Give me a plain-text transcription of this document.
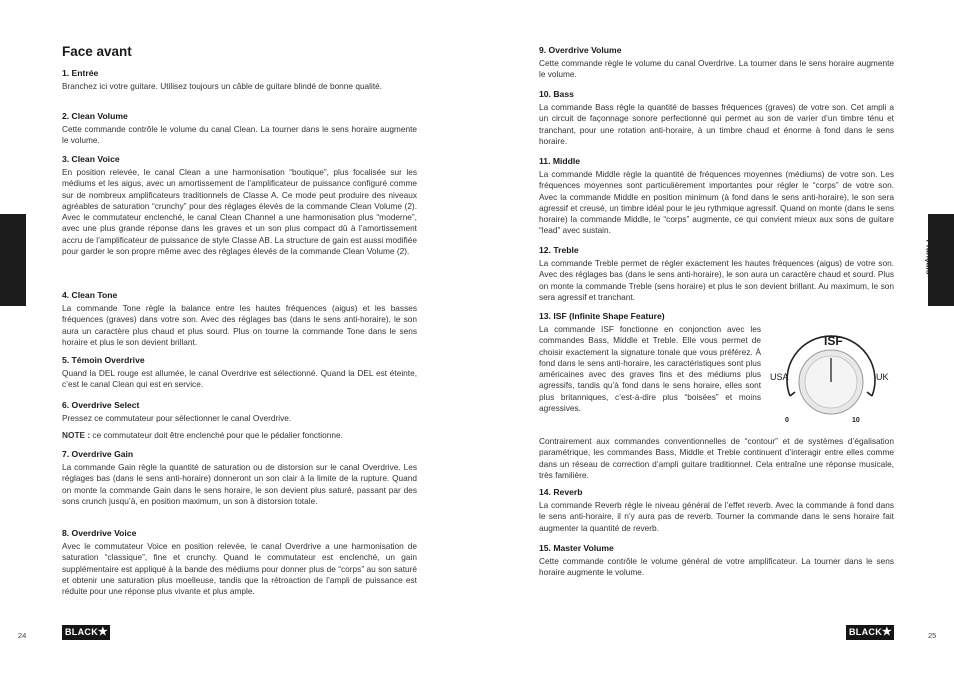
Français	Français
Face avant
1. Entrée

Branchez ici votre guitare. Utilisez toujours un câble de guitare blindé de bonne qualité.

2. Clean Volume

Cette commande contrôle le volume du canal Clean. La tourner dans le sens horaire augmente le volume.

3. Clean Voice

En position relevée, le canal Clean a une harmonisation “boutique”, plus focalisée sur les médiums et les aigus, avec un amortissement de l’amplificateur de puissance configuré comme sur de nombreux amplificateurs traditionnels de Classe A. Ce mode peut produire des niveaux agréables de saturation “crunchy” pour des réglages élevés de la commande Clean Volume (2). Avec le commutateur enclenché, le canal Clean Channel a une harmonisation plus “moderne”, avec une plus grande réponse dans les graves et un son plus compact dû à l’amortissement accru de l’amplificateur de puissance de style Classe AB. La structure de gain est aussi modifiée pour garder le son propre même avec des réglages élevés de la commande Clean Volume (2).

4. Clean Tone

La commande Tone règle la balance entre les hautes fréquences (aigus) et les basses fréquences (graves) dans votre son. Avec des réglages bas (dans le sens anti-horaire), le son aura un caractère plus chaud et plus sourd. Plus on tourne la commande Tone dans le sens horaire et plus le son devient brillant.

5. Témoin Overdrive

Quand la DEL rouge est allumée, le canal Overdrive est sélectionné. Quand la DEL est éteinte, c’est le canal Clean qui est en service.

6. Overdrive Select

Pressez ce commutateur pour sélectionner le canal Overdrive.

NOTE : ce commutateur doit être enclenché pour que le pédalier fonctionne.

7. Overdrive Gain

La commande Gain règle la quantité de saturation ou de distorsion sur le canal Overdrive. Les réglages bas (dans le sens anti-horaire) donneront un son clair à la limite de la rupture. Quand on monte la commande Gain dans le sens horaire, le son devient plus saturé, passant par des sons crunch jusqu’à, en position maximum, un son à distorsion totale.

8. Overdrive Voice

Avec le commutateur Voice en position relevée, le canal Overdrive a une harmonisation de saturation “classique”, fine et crunchy. Quand le commutateur est enclenché, un gain supplémentaire est appliqué à la bande des médiums pour donner plus de “corps” au son saturé et obtenir une saturation plus moelleuse, tandis que la rétroaction de l’ampli de puissance est réduite pour une réponse plus vivante et plus ample.

24	BLACK ★
9. Overdrive Volume

Cette commande règle le volume du canal Overdrive. La tourner dans le sens horaire augmente le volume.

10. Bass

La commande Bass règle la quantité de basses fréquences (graves) de votre son. Cet ampli a un circuit de façonnage sonore perfectionné qui permet au son de varier d’un timbre ténu et tranchant, pour une rotation anti-horaire, à un timbre chaud et énorme à fond dans le sens horaire.

11. Middle

La commande Middle règle la quantité de fréquences moyennes (médiums) de votre son. Les fréquences moyennes sont particulièrement importantes pour régler le “corps” de votre son. Avec la commande Middle en position minimum (à fond dans le sens anti-horaire), le son sera agressif et creusé, un timbre idéal pour le jeu rythmique agressif. Quand on monte (dans le sens horaire) la commande Middle, le “corps” augmente, ce qui convient mieux aux sons de guitare “lead” avec sustain.

12. Treble

La commande Treble permet de régler exactement les hautes fréquences (aigus) de votre son. Avec des réglages bas (dans le sens anti-horaire), le son aura un caractère chaud et sourd. Plus on monte la commande Treble (sens horaire) et plus le son devient brillant. Au maximum, le son sera agressif et tranchant.

13. ISF (Infinite Shape Feature)

La commande ISF fonctionne en conjonction avec les commandes Bass, Middle et Treble. Elle vous permet de choisir exactement la signature tonale que vous préférez. À fond dans le sens anti-horaire, les caractéristiques sont plus américaines avec des graves fins et des médiums plus agressifs, tandis qu’à fond dans le sens horaire, elles sont plus britanniques, c’est-à-dire plus “boisées” et moins agressives.

Contrairement aux commandes conventionnelles de “contour” et de systèmes d’égalisation paramétrique, les commandes Bass, Middle et Treble continuent d’interagir entre elles comme dans un réseau de correction d’ampli guitare traditionnel. Cela entraîne une réponse musicale, très familière.

14. Reverb

La commande Reverb règle le niveau général de l’effet reverb. Avec la commande à fond dans le sens anti-horaire, il n’y aura pas de reverb. Tourner la commande dans le sens horaire fait augmenter la quantité de reverb.

15. Master Volume

Cette commande contrôle le volume général de votre amplificateur. La tourner dans le sens horaire augmente le volume.

ISF
USA	UK
0	10
25
BLACK ★
